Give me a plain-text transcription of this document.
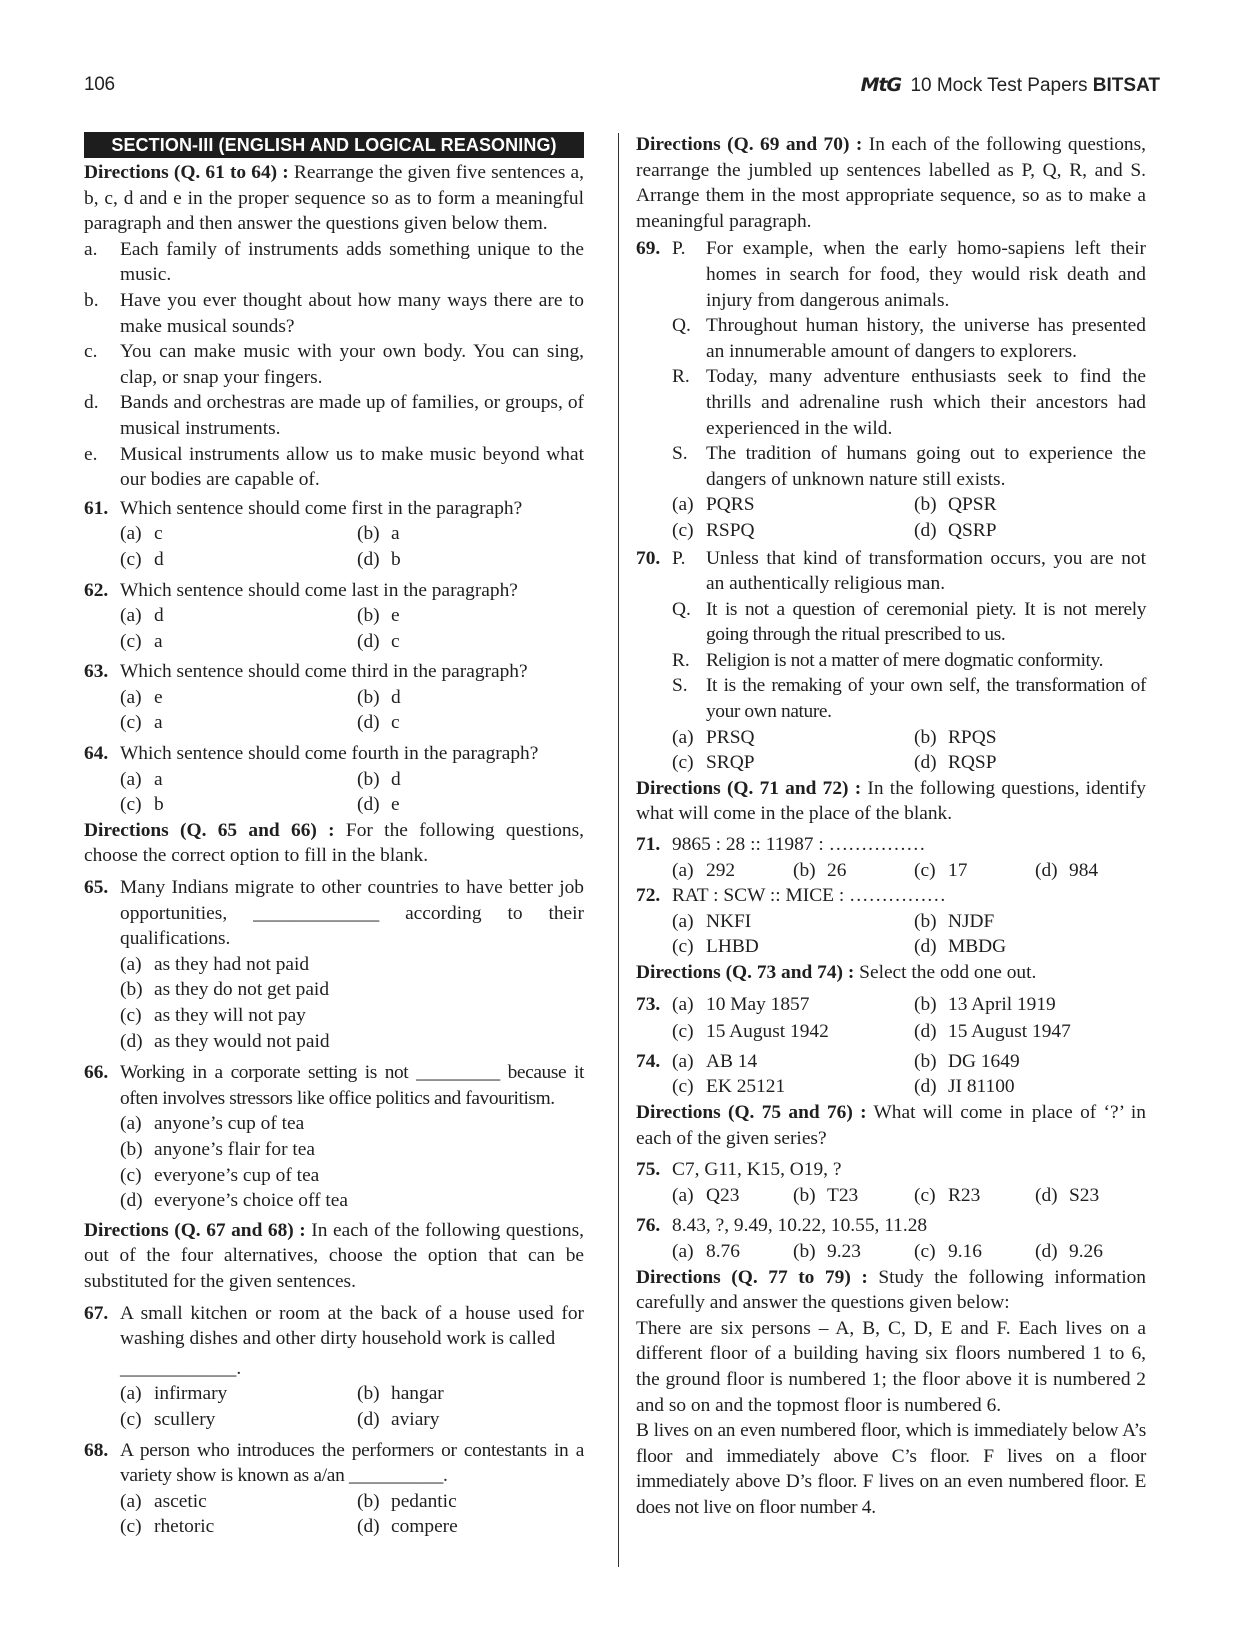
106	MtG 10 Mock Test Papers BITSAT
SECTION-III (ENGLISH AND LOGICAL REASONING)
Directions (Q. 61 to 64) : Rearrange the given five sentences a, b, c, d and e in the proper sequence so as to form a meaningful paragraph and then answer the questions given below them.
a.	Each family of instruments adds something unique to the music.
b.	Have you ever thought about how many ways there are to make musical sounds?
c.	You can make music with your own body. You can sing, clap, or snap your fingers.
d.	Bands and orchestras are made up of families, or groups, of musical instruments.
e.	Musical instruments allow us to make music beyond what our bodies are capable of.
61. Which sentence should come first in the paragraph?
(a) c	(b) a
(c) d	(d) b
62. Which sentence should come last in the paragraph?
(a) d	(b) e
(c) a	(d) c
63. Which sentence should come third in the paragraph?
(a) e	(b) d
(c) a	(d) c
64. Which sentence should come fourth in the paragraph?
(a) a	(b) d
(c) b	(d) e
Directions (Q. 65 and 66) : For the following questions, choose the correct option to fill in the blank.
65. Many Indians migrate to other countries to have better job opportunities, _____________ according to their qualifications.
(a) as they had not paid
(b) as they do not get paid
(c) as they will not pay
(d) as they would not paid
66. Working in a corporate setting is not _________ because it often involves stressors like office politics and favouritism.
(a) anyone’s cup of tea
(b) anyone’s flair for tea
(c) everyone’s cup of tea
(d) everyone’s choice off tea
Directions (Q. 67 and 68) : In each of the following questions, out of the four alternatives, choose the option that can be substituted for the given sentences.
67. A small kitchen or room at the back of a house used for washing dishes and other dirty household work is called
____________.
(a) infirmary	(b) hangar
(c) scullery	(d) aviary
68. A person who introduces the performers or contestants in a variety show is known as a/an __________.
(a) ascetic	(b) pedantic
(c) rhetoric	(d) compere
Directions (Q. 69 and 70) : In each of the following questions, rearrange the jumbled up sentences labelled as P, Q, R, and S. Arrange them in the most appropriate sequence, so as to make a meaningful paragraph.
69. P.	For example, when the early homo-sapiens left their homes in search for food, they would risk death and injury from dangerous animals.
Q. Throughout human history, the universe has presented an innumerable amount of dangers to explorers.
R. Today, many adventure enthusiasts seek to find the thrills and adrenaline rush which their ancestors had experienced in the wild.
S. The tradition of humans going out to experience the dangers of unknown nature still exists.
(a) PQRS	(b) QPSR
(c) RSPQ	(d) QSRP
70. P.	Unless that kind of transformation occurs, you are not an authentically religious man.
Q. It is not a question of ceremonial piety. It is not merely going through the ritual prescribed to us.
R. Religion is not a matter of mere dogmatic conformity.
S. It is the remaking of your own self, the transformation of your own nature.
(a) PRSQ	(b) RPQS
(c) SRQP	(d) RQSP
Directions (Q. 71 and 72) : In the following questions, identify what will come in the place of the blank.
71. 9865 : 28 :: 11987 : ……………
(a) 292	(b) 26	(c) 17	(d) 984
72. RAT : SCW :: MICE : ……………
(a) NKFI	(b) NJDF
(c) LHBD	(d) MBDG
Directions (Q. 73 and 74) : Select the odd one out.
73. (a) 10 May 1857	(b) 13 April 1919
(c) 15 August 1942	(d) 15 August 1947
74. (a) AB 14	(b) DG 1649
(c) EK 25121	(d) JI 81100
Directions (Q. 75 and 76) : What will come in place of ‘?’ in each of the given series?
75. C7, G11, K15, O19, ?
(a) Q23	(b) T23	(c) R23	(d) S23
76. 8.43, ?, 9.49, 10.22, 10.55, 11.28
(a) 8.76	(b) 9.23	(c) 9.16	(d) 9.26
Directions (Q. 77 to 79) : Study the following information carefully and answer the questions given below:
There are six persons – A, B, C, D, E and F. Each lives on a different floor of a building having six floors numbered 1 to 6, the ground floor is numbered 1; the floor above it is numbered 2 and so on and the topmost floor is numbered 6.
B lives on an even numbered floor, which is immediately below A’s floor and immediately above C’s floor. F lives on a floor immediately above D’s floor. F lives on an even numbered floor. E does not live on floor number 4.
